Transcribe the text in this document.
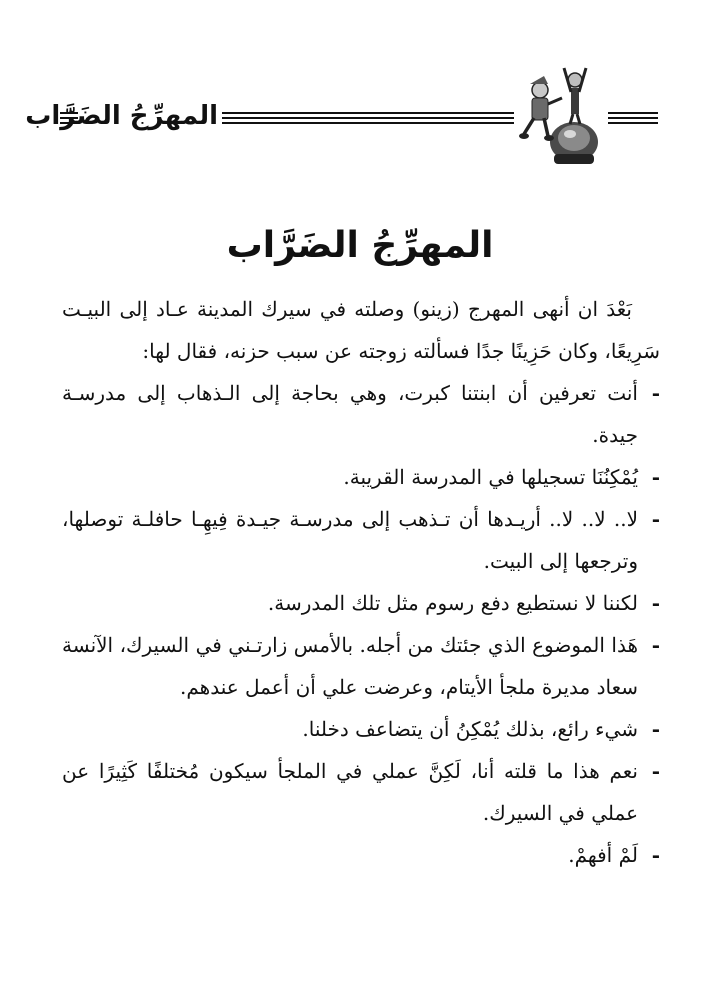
المهرِّجُ الضَرَّاب
المهرِّجُ الضَرَّاب

بَعْدَ ان أنهى المهرج (زينو) وصلته في سيرك المدينة عـاد إلى البيـت سَرِيعًا، وكان حَزِينًا جدًا فسألته زوجته عن سبب حزنه، فقال لها:

-
أنت تعرفين أن ابنتنا كبرت، وهي بحاجة إلى الـذهاب إلى مدرسـة جيدة.

-
يُمْكِنُنَا تسجيلها في المدرسة القريبة.

-
لا.. لا.. لا.. أريـدها أن تـذهب إلى مدرسـة جيـدة فِيهِـا حافلـة توصلها، وترجعها إلى البيت.

-
لكننا لا نستطيع دفع رسوم مثل تلك المدرسة.

-
هَذا الموضوع الذي جئتك من أجله. بالأمس زارتـني في السيرك، الآنسة سعاد مديرة ملجأ الأيتام، وعرضت علي أن أعمل عندهم.

-
شيء رائع، بذلك يُمْكِنُ أن يتضاعف دخلنا.

-
نعم هذا ما قلته أنا، لَكِنَّ عملي في الملجأ سيكون مُختلفًا كَثِيرًا عن عملي في السيرك.

-
لَمْ أفهمْ.
